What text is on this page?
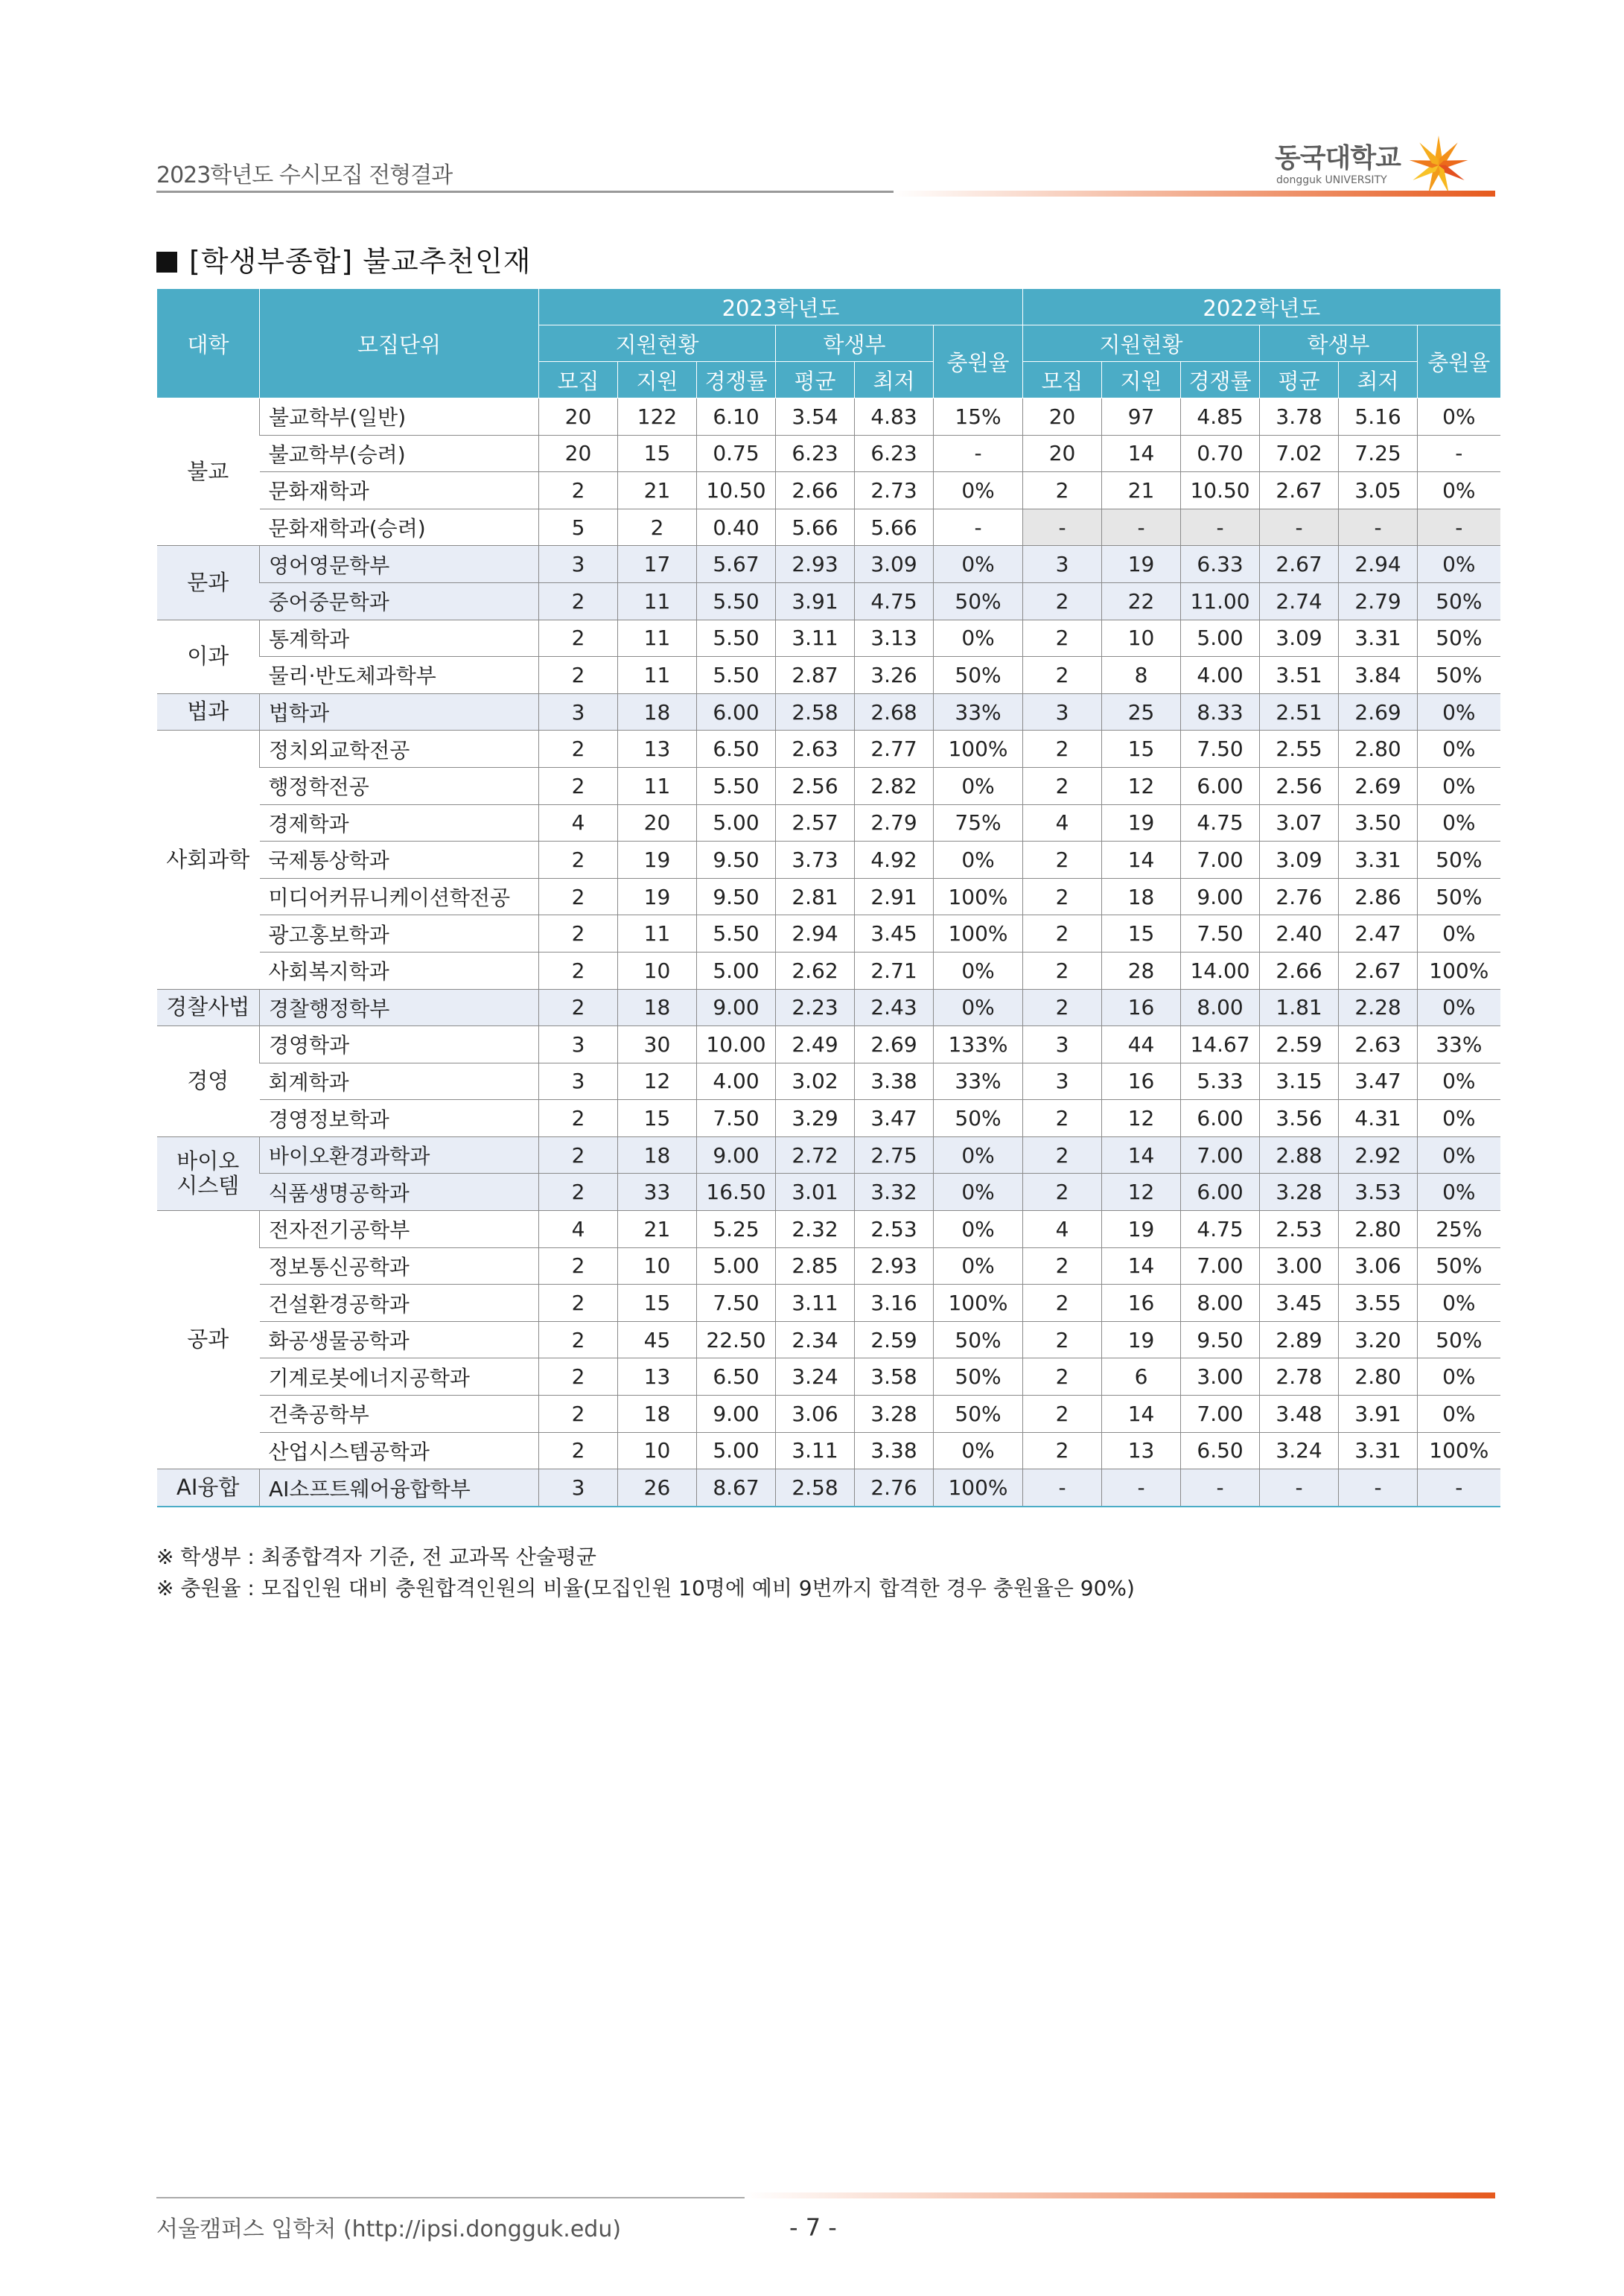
2023학년도 수시모집 전형결과
동국대학교
dongguk UNIVERSITY
[학생부종합] 불교추천인재
대학	모집단위	2023학년도						2022학년도					
		지원현황			학생부		충원율	지원현황			학생부		충원율
		모집	지원	경쟁률	평균	최저		모집	지원	경쟁률	평균	최저	
불교	불교학부(일반)	20	122	6.10	3.54	4.83	15%	20	97	4.85	3.78	5.16	0%
	불교학부(승려)	20	15	0.75	6.23	6.23	-	20	14	0.70	7.02	7.25	-
	문화재학과	2	21	10.50	2.66	2.73	0%	2	21	10.50	2.67	3.05	0%
	문화재학과(승려)	5	2	0.40	5.66	5.66	-	-	-	-	-	-	-
문과	영어영문학부	3	17	5.67	2.93	3.09	0%	3	19	6.33	2.67	2.94	0%
	중어중문학과	2	11	5.50	3.91	4.75	50%	2	22	11.00	2.74	2.79	50%
이과	통계학과	2	11	5.50	3.11	3.13	0%	2	10	5.00	3.09	3.31	50%
	물리·반도체과학부	2	11	5.50	2.87	3.26	50%	2	8	4.00	3.51	3.84	50%
법과	법학과	3	18	6.00	2.58	2.68	33%	3	25	8.33	2.51	2.69	0%
사회과학	정치외교학전공	2	13	6.50	2.63	2.77	100%	2	15	7.50	2.55	2.80	0%
	행정학전공	2	11	5.50	2.56	2.82	0%	2	12	6.00	2.56	2.69	0%
	경제학과	4	20	5.00	2.57	2.79	75%	4	19	4.75	3.07	3.50	0%
	국제통상학과	2	19	9.50	3.73	4.92	0%	2	14	7.00	3.09	3.31	50%
	미디어커뮤니케이션학전공	2	19	9.50	2.81	2.91	100%	2	18	9.00	2.76	2.86	50%
	광고홍보학과	2	11	5.50	2.94	3.45	100%	2	15	7.50	2.40	2.47	0%
	사회복지학과	2	10	5.00	2.62	2.71	0%	2	28	14.00	2.66	2.67	100%
경찰사법	경찰행정학부	2	18	9.00	2.23	2.43	0%	2	16	8.00	1.81	2.28	0%
경영	경영학과	3	30	10.00	2.49	2.69	133%	3	44	14.67	2.59	2.63	33%
	회계학과	3	12	4.00	3.02	3.38	33%	3	16	5.33	3.15	3.47	0%
	경영정보학과	2	15	7.50	3.29	3.47	50%	2	12	6.00	3.56	4.31	0%
바이오
시스템	바이오환경과학과	2	18	9.00	2.72	2.75	0%	2	14	7.00	2.88	2.92	0%
	식품생명공학과	2	33	16.50	3.01	3.32	0%	2	12	6.00	3.28	3.53	0%
공과	전자전기공학부	4	21	5.25	2.32	2.53	0%	4	19	4.75	2.53	2.80	25%
	정보통신공학과	2	10	5.00	2.85	2.93	0%	2	14	7.00	3.00	3.06	50%
	건설환경공학과	2	15	7.50	3.11	3.16	100%	2	16	8.00	3.45	3.55	0%
	화공생물공학과	2	45	22.50	2.34	2.59	50%	2	19	9.50	2.89	3.20	50%
	기계로봇에너지공학과	2	13	6.50	3.24	3.58	50%	2	6	3.00	2.78	2.80	0%
	건축공학부	2	18	9.00	3.06	3.28	50%	2	14	7.00	3.48	3.91	0%
	산업시스템공학과	2	10	5.00	3.11	3.38	0%	2	13	6.50	3.24	3.31	100%
AI융합	AI소프트웨어융합학부	3	26	8.67	2.58	2.76	100%	-	-	-	-	-	-
※ 학생부 : 최종합격자 기준, 전 교과목 산술평균
※ 충원율 : 모집인원 대비 충원합격인원의 비율(모집인원 10명에 예비 9번까지 합격한 경우 충원율은 90%)
서울캠퍼스 입학처 (http://ipsi.dongguk.edu)	- 7 -
